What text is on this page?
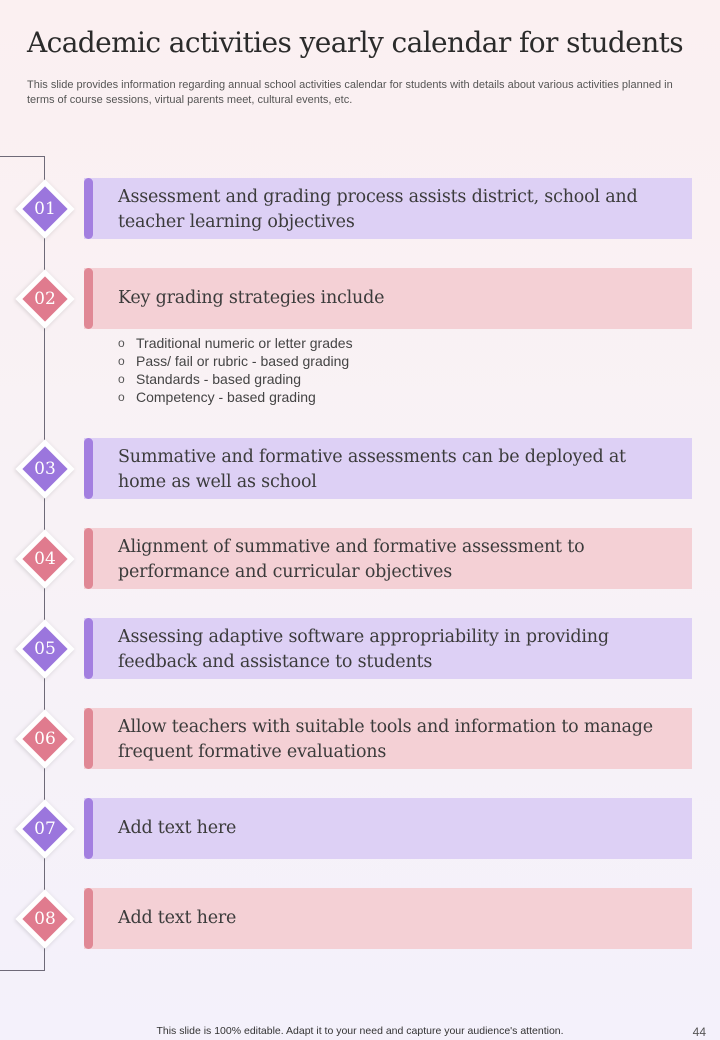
Academic activities yearly calendar for students

This slide provides information regarding annual school activities calendar for students with details about various activities planned in terms of course sessions, virtual parents meet, cultural events, etc.

01
Assessment and grading process assists district, school and teacher learning objectives
02	Key grading strategies include
o Traditional numeric or letter grades
o Pass/ fail or rubric - based grading
o Standards - based grading
o Competency - based grading
03
Summative and formative assessments can be deployed at home as well as school
04
Alignment of summative and formative assessment to performance and curricular objectives
05
Assessing adaptive software appropriability in providing feedback and assistance to students
06
Allow teachers with suitable tools and information to manage frequent formative evaluations
07	Add text here
08	Add text here
This slide is 100% editable. Adapt it to your need and capture your audience's attention.	44
